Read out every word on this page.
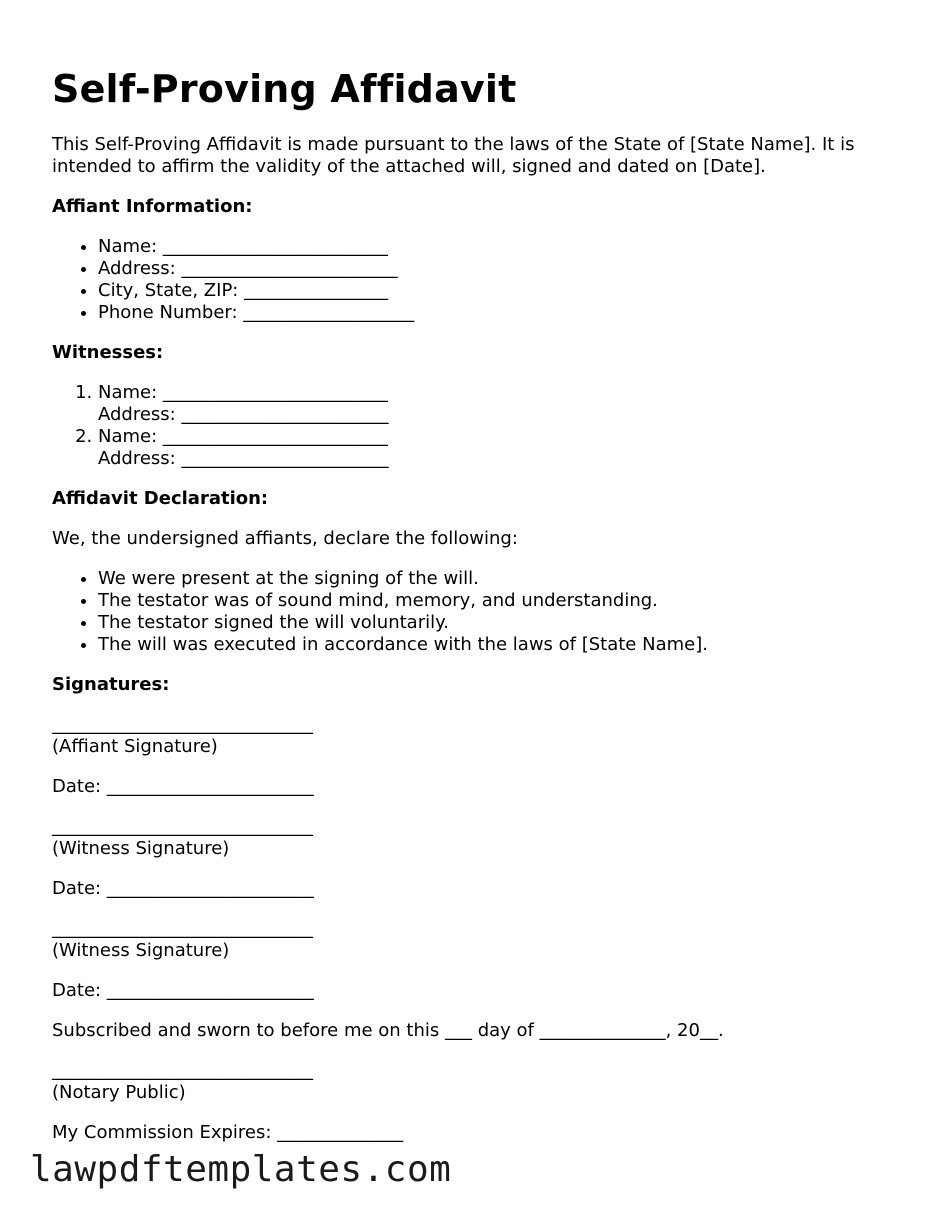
Self-Proving Affidavit

This Self-Proving Affidavit is made pursuant to the laws of the State of [State Name]. It is intended to affirm the validity of the attached will, signed and dated on [Date].

Affiant Information:
• Name: _________________________
• Address: ________________________
• City, State, ZIP: ________________
• Phone Number: ___________________
Witnesses:
1. Name: _________________________
Address: _______________________
2. Name: _________________________
Address: _______________________
Affidavit Declaration:

We, the undersigned affiants, declare the following:

• We were present at the signing of the will.
• The testator was of sound mind, memory, and understanding.
• The testator signed the will voluntarily.
• The will was executed in accordance with the laws of [State Name].
Signatures:
_____________________________
(Affiant Signature)
Date: _______________________
_____________________________
(Witness Signature)
Date: _______________________
_____________________________
(Witness Signature)
Date: _______________________
Subscribed and sworn to before me on this ___ day of ______________, 20__.
_____________________________
(Notary Public)
My Commission Expires: ______________
lawpdftemplates.com
